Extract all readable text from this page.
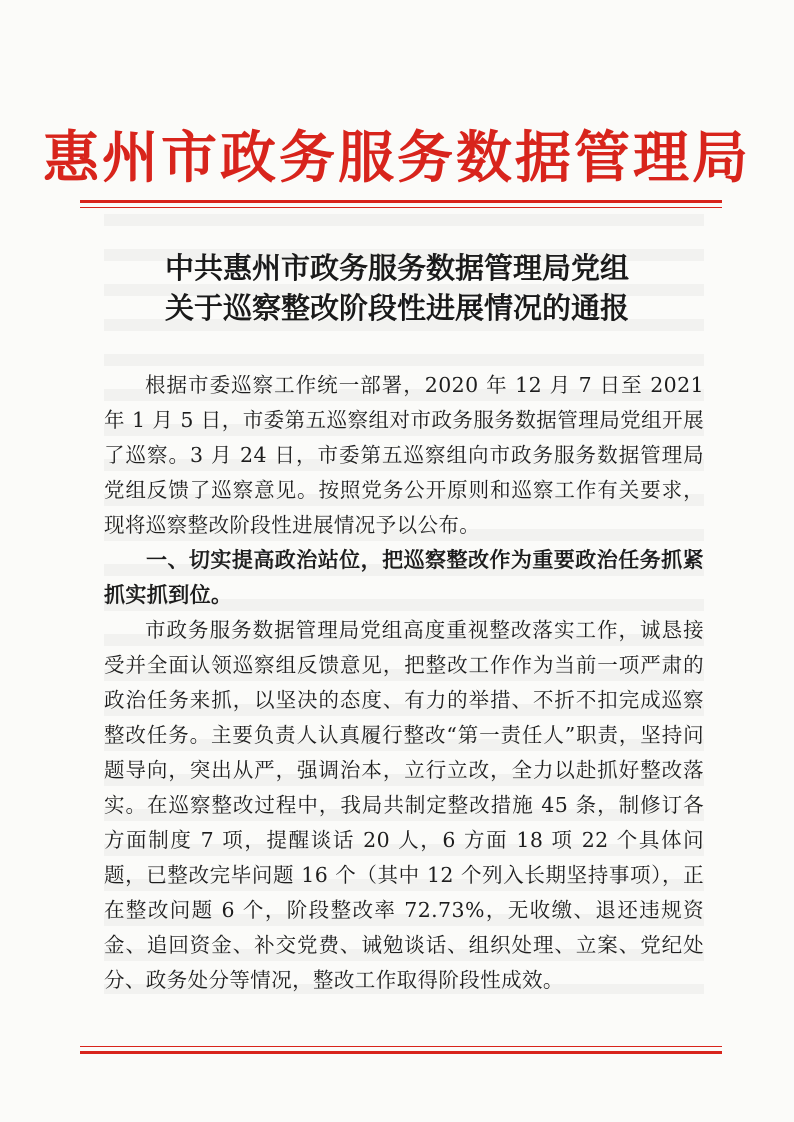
惠州市政务服务数据管理局
中共惠州市政务服务数据管理局党组
关于巡察整改阶段性进展情况的通报

根据市委巡察工作统一部署，2020 年 12 月 7 日至 2021 年 1 月 5 日，市委第五巡察组对市政务服务数据管理局党组开展了巡察。3 月 24 日，市委第五巡察组向市政务服务数据管理局党组反馈了巡察意见。按照党务公开原则和巡察工作有关要求，现将巡察整改阶段性进展情况予以公布。

一、切实提高政治站位，把巡察整改作为重要政治任务抓紧抓实抓到位。

市政务服务数据管理局党组高度重视整改落实工作，诚恳接受并全面认领巡察组反馈意见，把整改工作作为当前一项严肃的政治任务来抓，以坚决的态度、有力的举措、不折不扣完成巡察整改任务。主要负责人认真履行整改“第一责任人”职责，坚持问题导向，突出从严，强调治本，立行立改，全力以赴抓好整改落实。在巡察整改过程中，我局共制定整改措施 45 条，制修订各方面制度 7 项，提醒谈话 20 人，6 方面 18 项 22 个具体问题，已整改完毕问题 16 个（其中 12 个列入长期坚持事项），正在整改问题 6 个，阶段整改率 72.73%，无收缴、退还违规资金、追回资金、补交党费、诫勉谈话、组织处理、立案、党纪处分、政务处分等情况，整改工作取得阶段性成效。
